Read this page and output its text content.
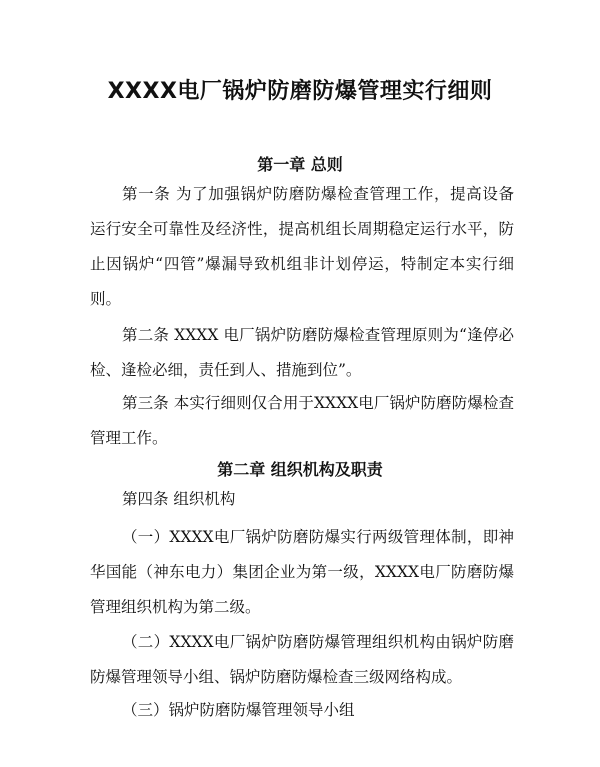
XXXX电厂锅炉防磨防爆管理实行细则
第一章 总则

第一条 为了加强锅炉防磨防爆检查管理工作，提高设备运行安全可靠性及经济性，提高机组长周期稳定运行水平，防止因锅炉“四管”爆漏导致机组非计划停运，特制定本实行细则。

第二条 XXXX 电厂锅炉防磨防爆检查管理原则为“逢停必检、逢检必细，责任到人、措施到位”。

第三条 本实行细则仅合用于XXXX电厂锅炉防磨防爆检查管理工作。

第二章 组织机构及职责

第四条 组织机构

（一）XXXX电厂锅炉防磨防爆实行两级管理体制，即神华国能（神东电力）集团企业为第一级，XXXX电厂防磨防爆管理组织机构为第二级。

（二）XXXX电厂锅炉防磨防爆管理组织机构由锅炉防磨防爆管理领导小组、锅炉防磨防爆检查三级网络构成。

（三）锅炉防磨防爆管理领导小组
